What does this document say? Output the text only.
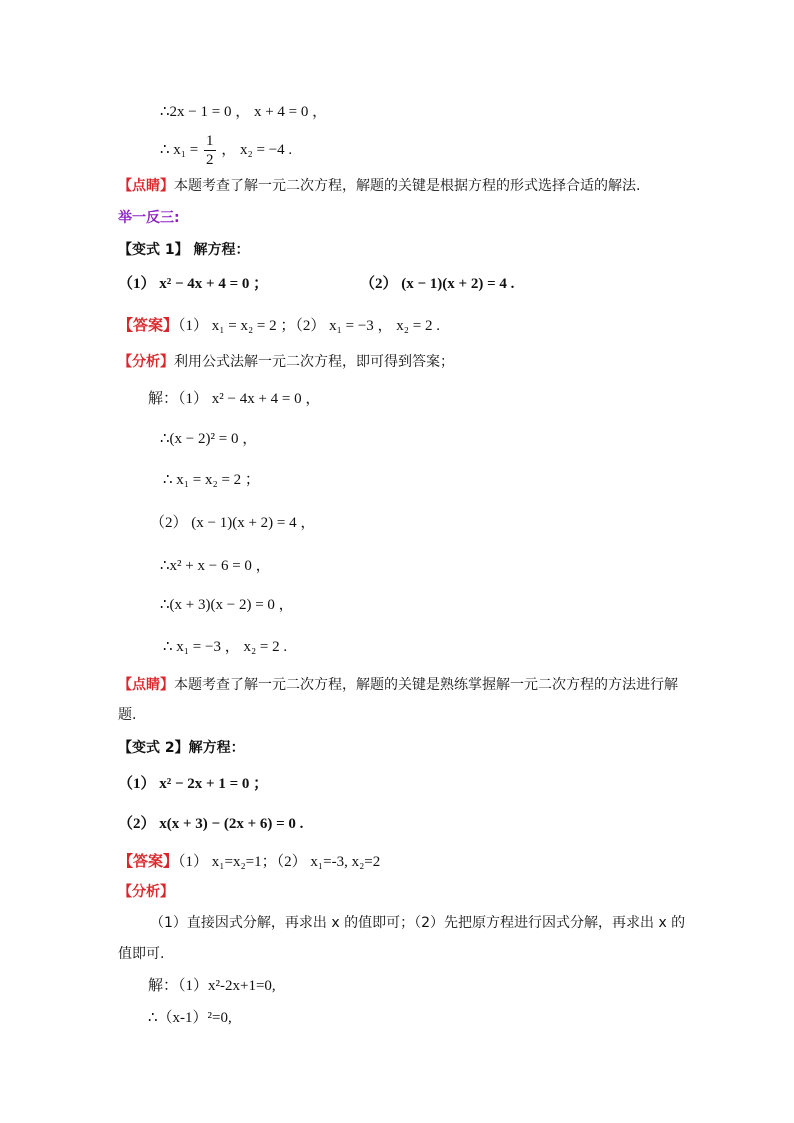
∴2x − 1 = 0 ， x + 4 = 0 ，
∴ $x_1 = \frac{1}{2}$ ， x₂ = −4 .
【点睛】本题考查了解一元二次方程，解题的关键是根据方程的形式选择合适的解法.
举一反三:
【变式 1】 解方程：
（1） x² − 4x + 4 = 0 ；	（2） (x − 1)(x + 2) = 4 .
【答案】（1） x₁ = x₂ = 2 ；（2） x₁ = −3 ， x₂ = 2 .
【分析】利用公式法解一元二次方程，即可得到答案；
解：（1） x² − 4x + 4 = 0 ，
∴(x − 2)² = 0 ，
∴ x₁ = x₂ = 2 ；
（2） (x − 1)(x + 2) = 4 ，
∴x² + x − 6 = 0 ，
∴(x + 3)(x − 2) = 0 ，
∴ x₁ = −3 ， x₂ = 2 .
【点睛】本题考查了解一元二次方程，解题的关键是熟练掌握解一元二次方程的方法进行解
题.
【变式 2】解方程：
（1） x² − 2x + 1 = 0 ；
（2） x(x + 3) − (2x + 6) = 0 .
【答案】（1） x₁=x₂=1；（2） x₁=-3, x₂=2
【分析】
（1）直接因式分解，再求出 x 的值即可；（2）先把原方程进行因式分解，再求出 x 的
值即可.
解：（1）x²-2x+1=0,
∴（x-1）²=0,
